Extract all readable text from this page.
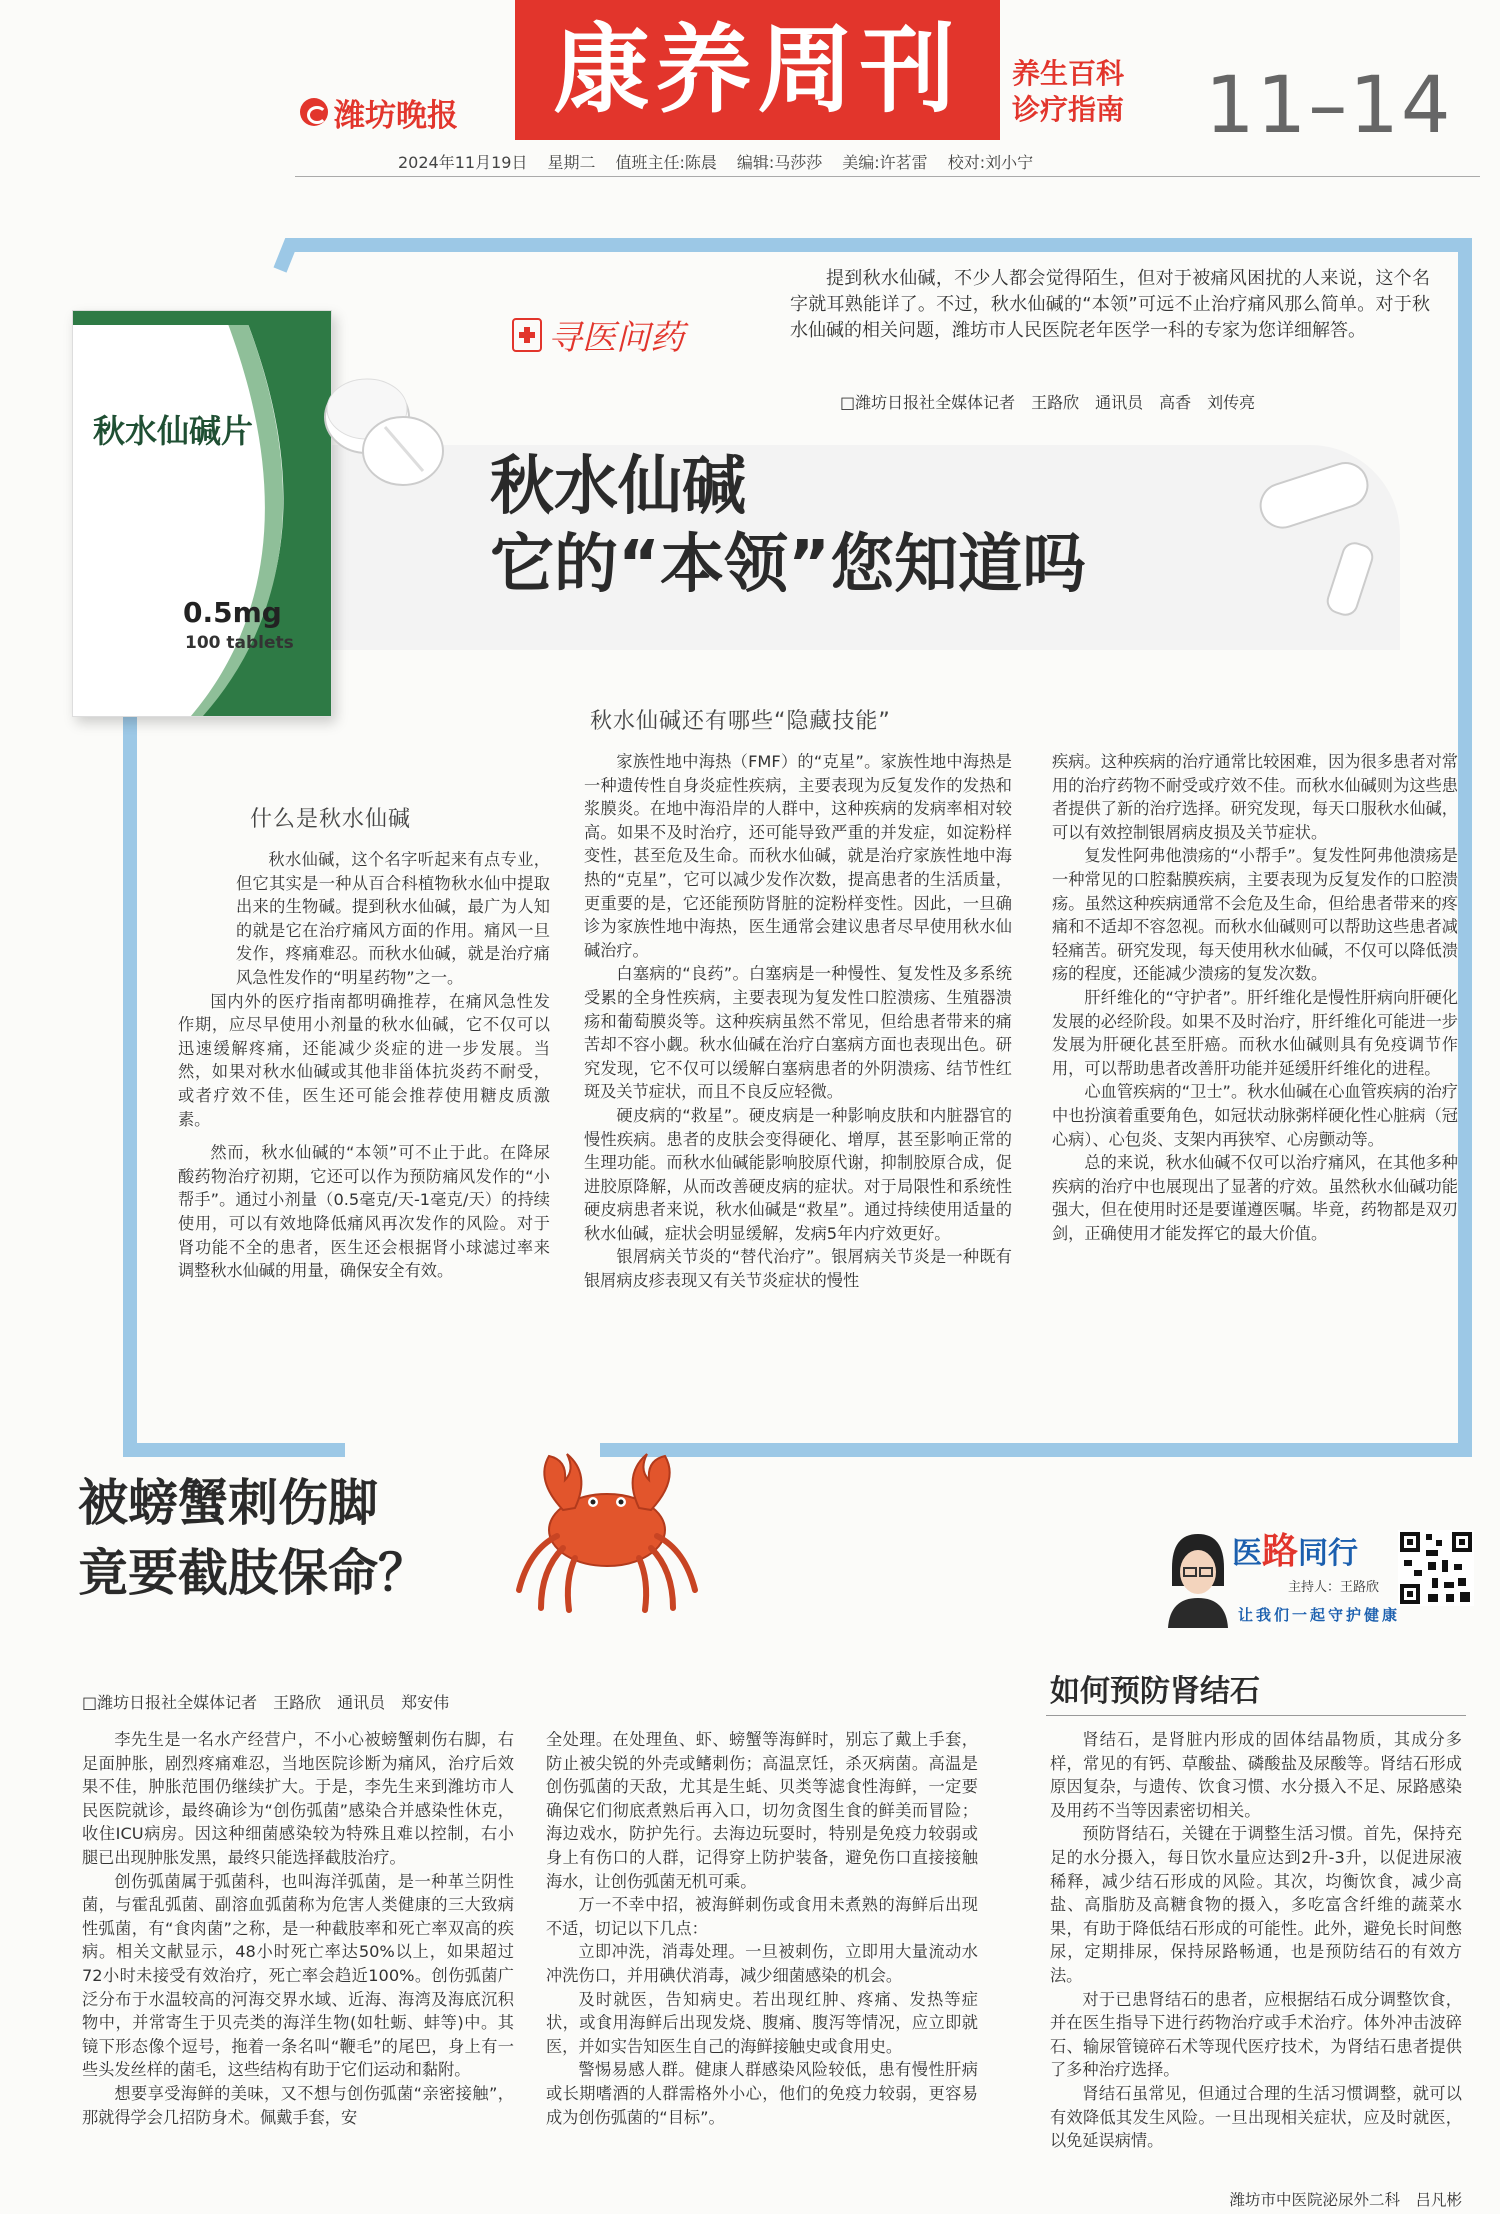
潍坊晚报 康养周刊 养生百科
诊疗指南 11–14
2024年11月19日 星期二 值班主任:陈晨 编辑:马莎莎 美编:许茗雷 校对:刘小宁
秋水仙碱片
0.5mg
100 tablets
寻医问药
提到秋水仙碱，不少人都会觉得陌生，但对于被痛风困扰的人来说，这个名字就耳熟能详了。不过，秋水仙碱的“本领”可远不止治疗痛风那么简单。对于秋水仙碱的相关问题，潍坊市人民医院老年医学一科的专家为您详细解答。
□潍坊日报社全媒体记者　王路欣　通讯员　高香　刘传亮
秋水仙碱
它的“本领”您知道吗
什么是秋水仙碱

秋水仙碱，这个名字听起来有点专业，但它其实是一种从百合科植物秋水仙中提取出来的生物碱。提到秋水仙碱，最广为人知的就是它在治疗痛风方面的作用。痛风一旦发作，疼痛难忍。而秋水仙碱，就是治疗痛风急性发作的“明星药物”之一。

国内外的医疗指南都明确推荐，在痛风急性发作期，应尽早使用小剂量的秋水仙碱，它不仅可以迅速缓解疼痛，还能减少炎症的进一步发展。当然，如果对秋水仙碱或其他非甾体抗炎药不耐受，或者疗效不佳，医生还可能会推荐使用糖皮质激素。

然而，秋水仙碱的“本领”可不止于此。在降尿酸药物治疗初期，它还可以作为预防痛风发作的“小帮手”。通过小剂量（0.5毫克/天-1毫克/天）的持续使用，可以有效地降低痛风再次发作的风险。对于肾功能不全的患者，医生还会根据肾小球滤过率来调整秋水仙碱的用量，确保安全有效。

秋水仙碱还有哪些“隐藏技能”

家族性地中海热（FMF）的“克星”。家族性地中海热是一种遗传性自身炎症性疾病，主要表现为反复发作的发热和浆膜炎。在地中海沿岸的人群中，这种疾病的发病率相对较高。如果不及时治疗，还可能导致严重的并发症，如淀粉样变性，甚至危及生命。而秋水仙碱，就是治疗家族性地中海热的“克星”，它可以减少发作次数，提高患者的生活质量，更重要的是，它还能预防肾脏的淀粉样变性。因此，一旦确诊为家族性地中海热，医生通常会建议患者尽早使用秋水仙碱治疗。

白塞病的“良药”。白塞病是一种慢性、复发性及多系统受累的全身性疾病，主要表现为复发性口腔溃疡、生殖器溃疡和葡萄膜炎等。这种疾病虽然不常见，但给患者带来的痛苦却不容小觑。秋水仙碱在治疗白塞病方面也表现出色。研究发现，它不仅可以缓解白塞病患者的外阴溃疡、结节性红斑及关节症状，而且不良反应轻微。

硬皮病的“救星”。硬皮病是一种影响皮肤和内脏器官的慢性疾病。患者的皮肤会变得硬化、增厚，甚至影响正常的生理功能。而秋水仙碱能影响胶原代谢，抑制胶原合成，促进胶原降解，从而改善硬皮病的症状。对于局限性和系统性硬皮病患者来说，秋水仙碱是“救星”。通过持续使用适量的秋水仙碱，症状会明显缓解，发病5年内疗效更好。

银屑病关节炎的“替代治疗”。银屑病关节炎是一种既有银屑病皮疹表现又有关节炎症状的慢性

疾病。这种疾病的治疗通常比较困难，因为很多患者对常用的治疗药物不耐受或疗效不佳。而秋水仙碱则为这些患者提供了新的治疗选择。研究发现，每天口服秋水仙碱，可以有效控制银屑病皮损及关节症状。

复发性阿弗他溃疡的“小帮手”。复发性阿弗他溃疡是一种常见的口腔黏膜疾病，主要表现为反复发作的口腔溃疡。虽然这种疾病通常不会危及生命，但给患者带来的疼痛和不适却不容忽视。而秋水仙碱则可以帮助这些患者减轻痛苦。研究发现，每天使用秋水仙碱，不仅可以降低溃疡的程度，还能减少溃疡的复发次数。

肝纤维化的“守护者”。肝纤维化是慢性肝病向肝硬化发展的必经阶段。如果不及时治疗，肝纤维化可能进一步发展为肝硬化甚至肝癌。而秋水仙碱则具有免疫调节作用，可以帮助患者改善肝功能并延缓肝纤维化的进程。

心血管疾病的“卫士”。秋水仙碱在心血管疾病的治疗中也扮演着重要角色，如冠状动脉粥样硬化性心脏病（冠心病）、心包炎、支架内再狭窄、心房颤动等。

总的来说，秋水仙碱不仅可以治疗痛风，在其他多种疾病的治疗中也展现出了显著的疗效。虽然秋水仙碱功能强大，但在使用时还是要谨遵医嘱。毕竟，药物都是双刃剑，正确使用才能发挥它的最大价值。

被螃蟹刺伤脚
竟要截肢保命？
□潍坊日报社全媒体记者　王路欣　通讯员　郑安伟

李先生是一名水产经营户，不小心被螃蟹刺伤右脚，右足面肿胀，剧烈疼痛难忍，当地医院诊断为痛风，治疗后效果不佳，肿胀范围仍继续扩大。于是，李先生来到潍坊市人民医院就诊，最终确诊为“创伤弧菌”感染合并感染性休克，收住ICU病房。因这种细菌感染较为特殊且难以控制，右小腿已出现肿胀发黑，最终只能选择截肢治疗。

创伤弧菌属于弧菌科，也叫海洋弧菌，是一种革兰阴性菌，与霍乱弧菌、副溶血弧菌称为危害人类健康的三大致病性弧菌，有“食肉菌”之称，是一种截肢率和死亡率双高的疾病。相关文献显示，48小时死亡率达50%以上，如果超过72小时未接受有效治疗，死亡率会趋近100%。创伤弧菌广泛分布于水温较高的河海交界水域、近海、海湾及海底沉积物中，并常寄生于贝壳类的海洋生物(如牡蛎、蚌等)中。其镜下形态像个逗号，拖着一条名叫“鞭毛”的尾巴，身上有一些头发丝样的菌毛，这些结构有助于它们运动和黏附。

想要享受海鲜的美味，又不想与创伤弧菌“亲密接触”，那就得学会几招防身术。佩戴手套，安

全处理。在处理鱼、虾、螃蟹等海鲜时，别忘了戴上手套，防止被尖锐的外壳或鳍刺伤；高温烹饪，杀灭病菌。高温是创伤弧菌的天敌，尤其是生蚝、贝类等滤食性海鲜，一定要确保它们彻底煮熟后再入口，切勿贪图生食的鲜美而冒险；海边戏水，防护先行。去海边玩耍时，特别是免疫力较弱或身上有伤口的人群，记得穿上防护装备，避免伤口直接接触海水，让创伤弧菌无机可乘。

万一不幸中招，被海鲜刺伤或食用未煮熟的海鲜后出现不适，切记以下几点：

立即冲洗，消毒处理。一旦被刺伤，立即用大量流动水冲洗伤口，并用碘伏消毒，减少细菌感染的机会。

及时就医，告知病史。若出现红肿、疼痛、发热等症状，或食用海鲜后出现发烧、腹痛、腹泻等情况，应立即就医，并如实告知医生自己的海鲜接触史或食用史。

警惕易感人群。健康人群感染风险较低，患有慢性肝病或长期嗜酒的人群需格外小心，他们的免疫力较弱，更容易成为创伤弧菌的“目标”。

医路同行
主持人：王路欣
让我们一起守护健康
如何预防肾结石

肾结石，是肾脏内形成的固体结晶物质，其成分多样，常见的有钙、草酸盐、磷酸盐及尿酸等。肾结石形成原因复杂，与遗传、饮食习惯、水分摄入不足、尿路感染及用药不当等因素密切相关。

预防肾结石，关键在于调整生活习惯。首先，保持充足的水分摄入，每日饮水量应达到2升-3升，以促进尿液稀释，减少结石形成的风险。其次，均衡饮食，减少高盐、高脂肪及高糖食物的摄入，多吃富含纤维的蔬菜水果，有助于降低结石形成的可能性。此外，避免长时间憋尿，定期排尿，保持尿路畅通，也是预防结石的有效方法。

对于已患肾结石的患者，应根据结石成分调整饮食，并在医生指导下进行药物治疗或手术治疗。体外冲击波碎石、输尿管镜碎石术等现代医疗技术，为肾结石患者提供了多种治疗选择。

肾结石虽常见，但通过合理的生活习惯调整，就可以有效降低其发生风险。一旦出现相关症状，应及时就医，以免延误病情。

潍坊市中医院泌尿外二科　吕凡彬
